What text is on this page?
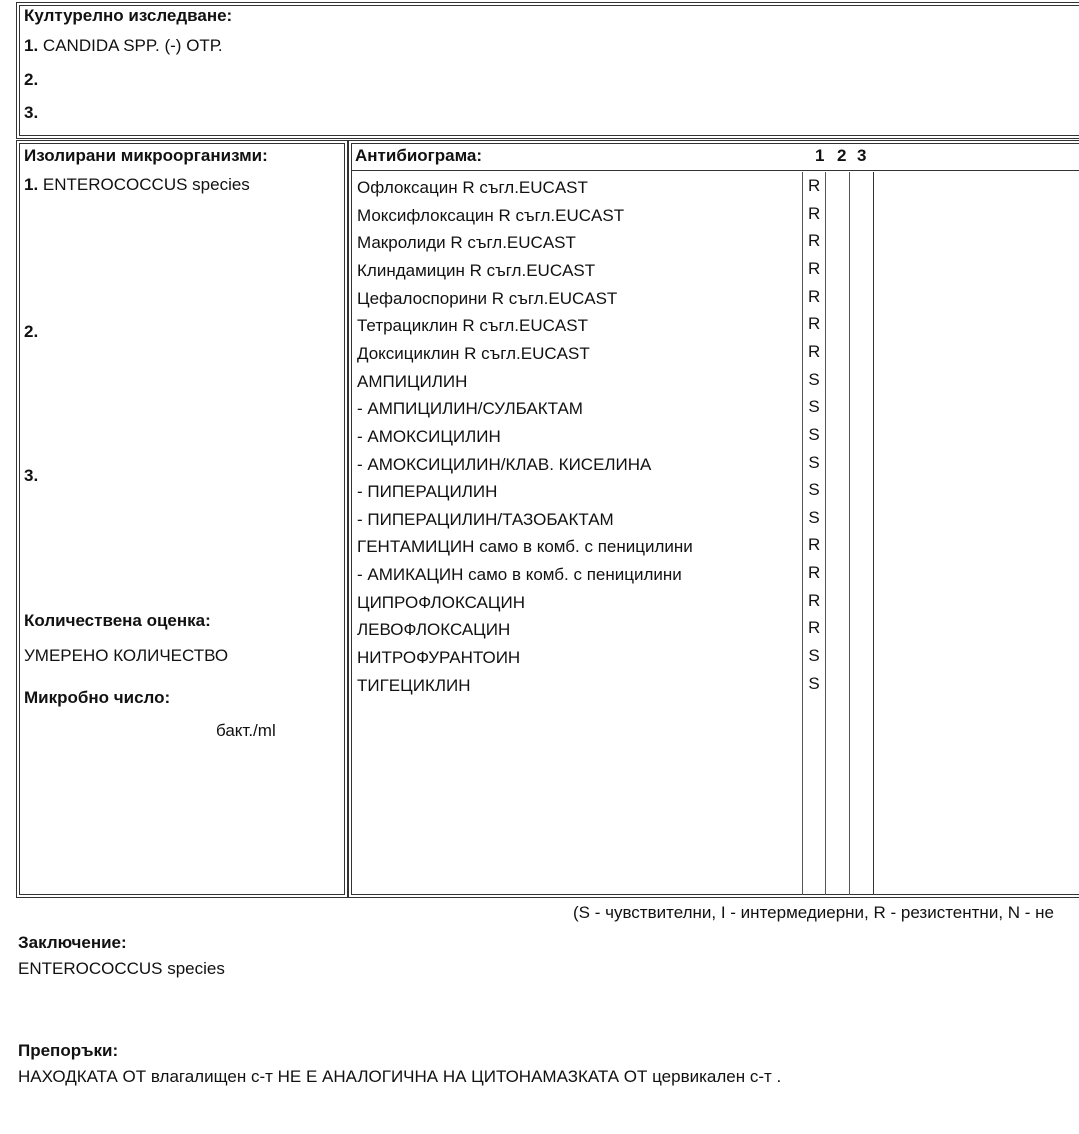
Културелно изследване:
1. CANDIDA SPP. (-) ОТР.
2.
3.
Изолирани микроорганизми:
1. ENTEROCOCCUS species
2.
3.
Количествена оценка:
УМЕРЕНО КОЛИЧЕСТВО
Микробно число:
бакт./ml
Антибиограма:	1 2 3
Офлоксацин R съгл.EUCAST	R
Моксифлоксацин R съгл.EUCAST	R
Макролиди R съгл.EUCAST	R
Клиндамицин R съгл.EUCAST	R
Цефалоспорини R съгл.EUCAST	R
Тетрациклин R съгл.EUCAST	R
Доксициклин R съгл.EUCAST	R
АМПИЦИЛИН	S
- АМПИЦИЛИН/СУЛБАКТАМ	S
- АМОКСИЦИЛИН	S
- АМОКСИЦИЛИН/КЛАВ. КИСЕЛИНА	S
- ПИПЕРАЦИЛИН	S
- ПИПЕРАЦИЛИН/ТАЗОБАКТАМ	S
ГЕНТАМИЦИН само в комб. с пеницилини	R
- АМИКАЦИН само в комб. с пеницилини	R
ЦИПРОФЛОКСАЦИН	R
ЛЕВОФЛОКСАЦИН	R
НИТРОФУРАНТОИН	S
ТИГЕЦИКЛИН	S
(S - чувствителни, I - интермедиерни, R - резистентни, N - не
Заключение:
ENTEROCOCCUS species
Препоръки:
НАХОДКАТА ОТ влагалищен с-т НЕ Е АНАЛОГИЧНА НА ЦИТОНАМАЗКАТА ОТ цервикален с-т .
